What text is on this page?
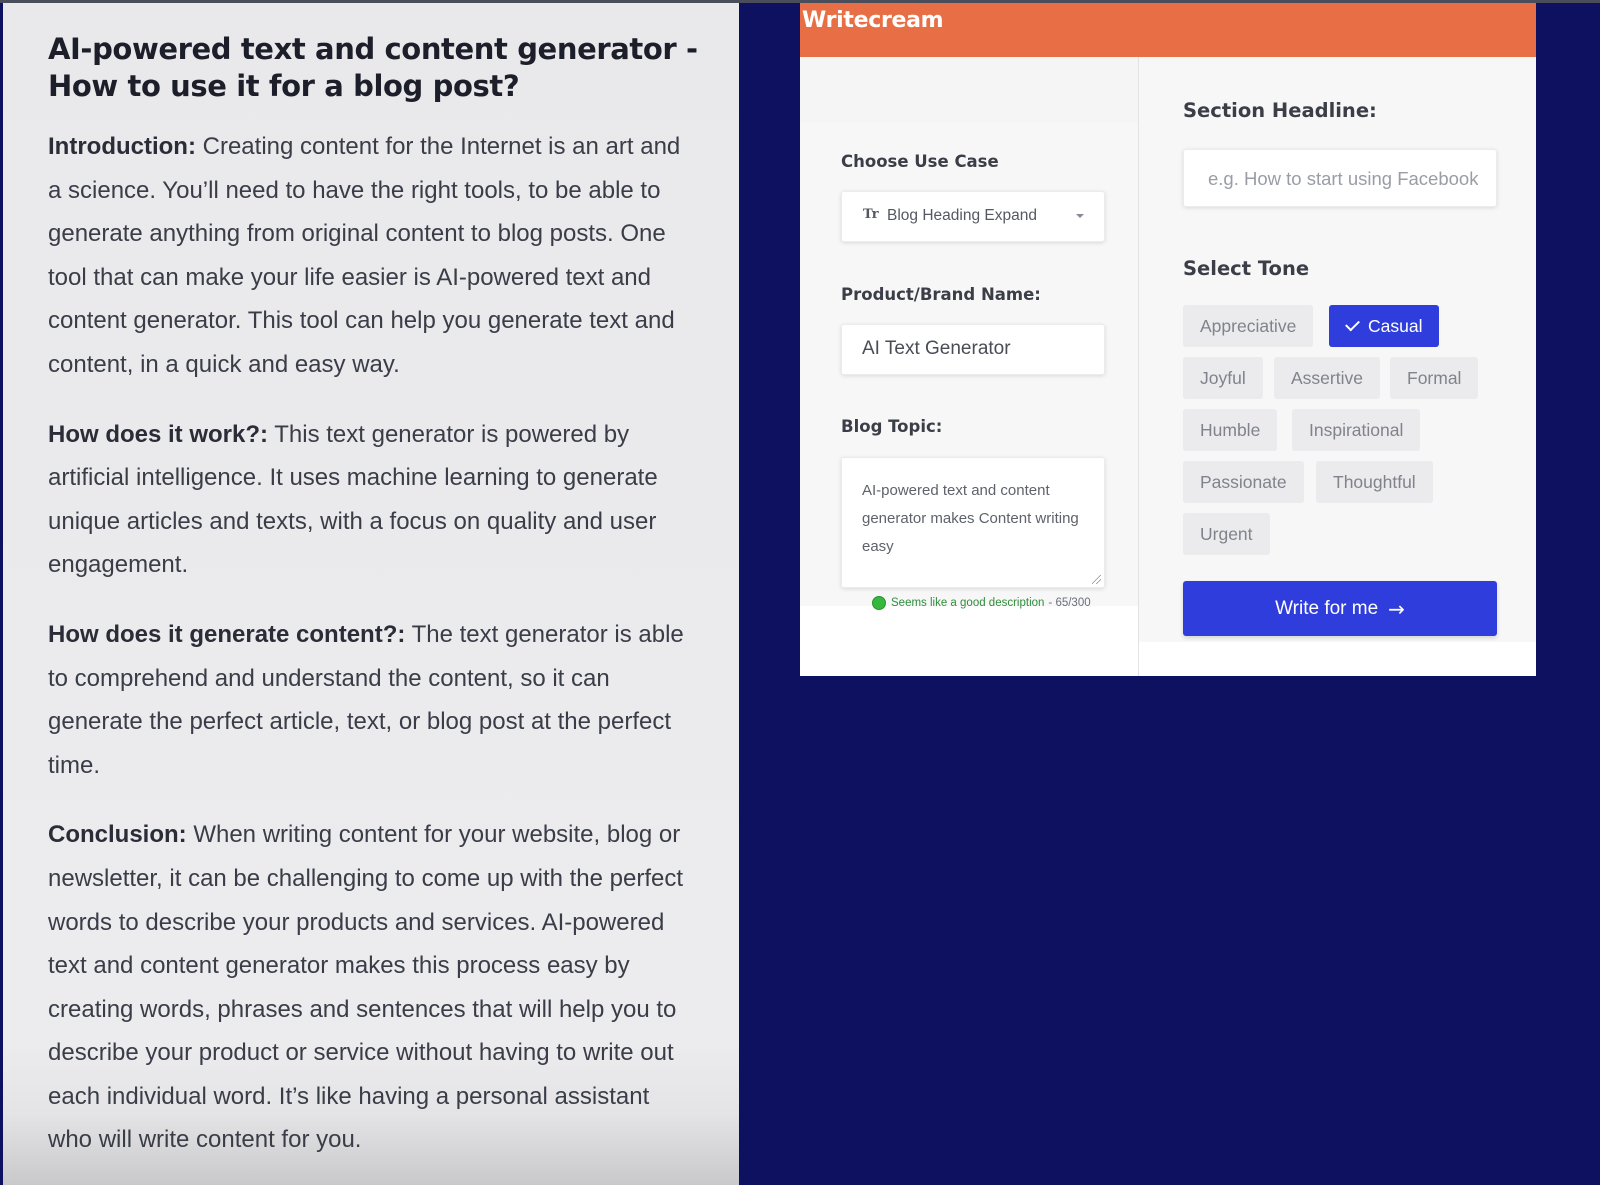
AI-powered text and content generator - How to use it for a blog post?

Introduction: Creating content for the Internet is an art and a science. You’ll need to have the right tools, to be able to generate anything from original content to blog posts. One tool that can make your life easier is AI-powered text and content generator. This tool can help you generate text and content, in a quick and easy way.

How does it work?: This text generator is powered by artificial intelligence. It uses machine learning to generate unique articles and texts, with a focus on quality and user engagement.

How does it generate content?: The text generator is able to comprehend and understand the content, so it can generate the perfect article, text, or blog post at the perfect time.

Conclusion: When writing content for your website, blog or newsletter, it can be challenging to come up with the perfect words to describe your products and services. AI-powered text and content generator makes this process easy by creating words, phrases and sentences that will help you to describe your product or service without having to write out each individual word. It’s like having a personal assistant who will write content for you.

Writecream
Choose Use Case
Tr Blog Heading Expand
Product/Brand Name:
AI Text Generator
Blog Topic:
AI-powered text and content generator makes Content writing easy
Seems like a good description - 65/300
Section Headline:
e.g. How to start using Facebook
Select Tone
Appreciative	Casual
Joyful	Assertive	Formal
Humble	Inspirational
Passionate	Thoughtful
Urgent
Write for me →
